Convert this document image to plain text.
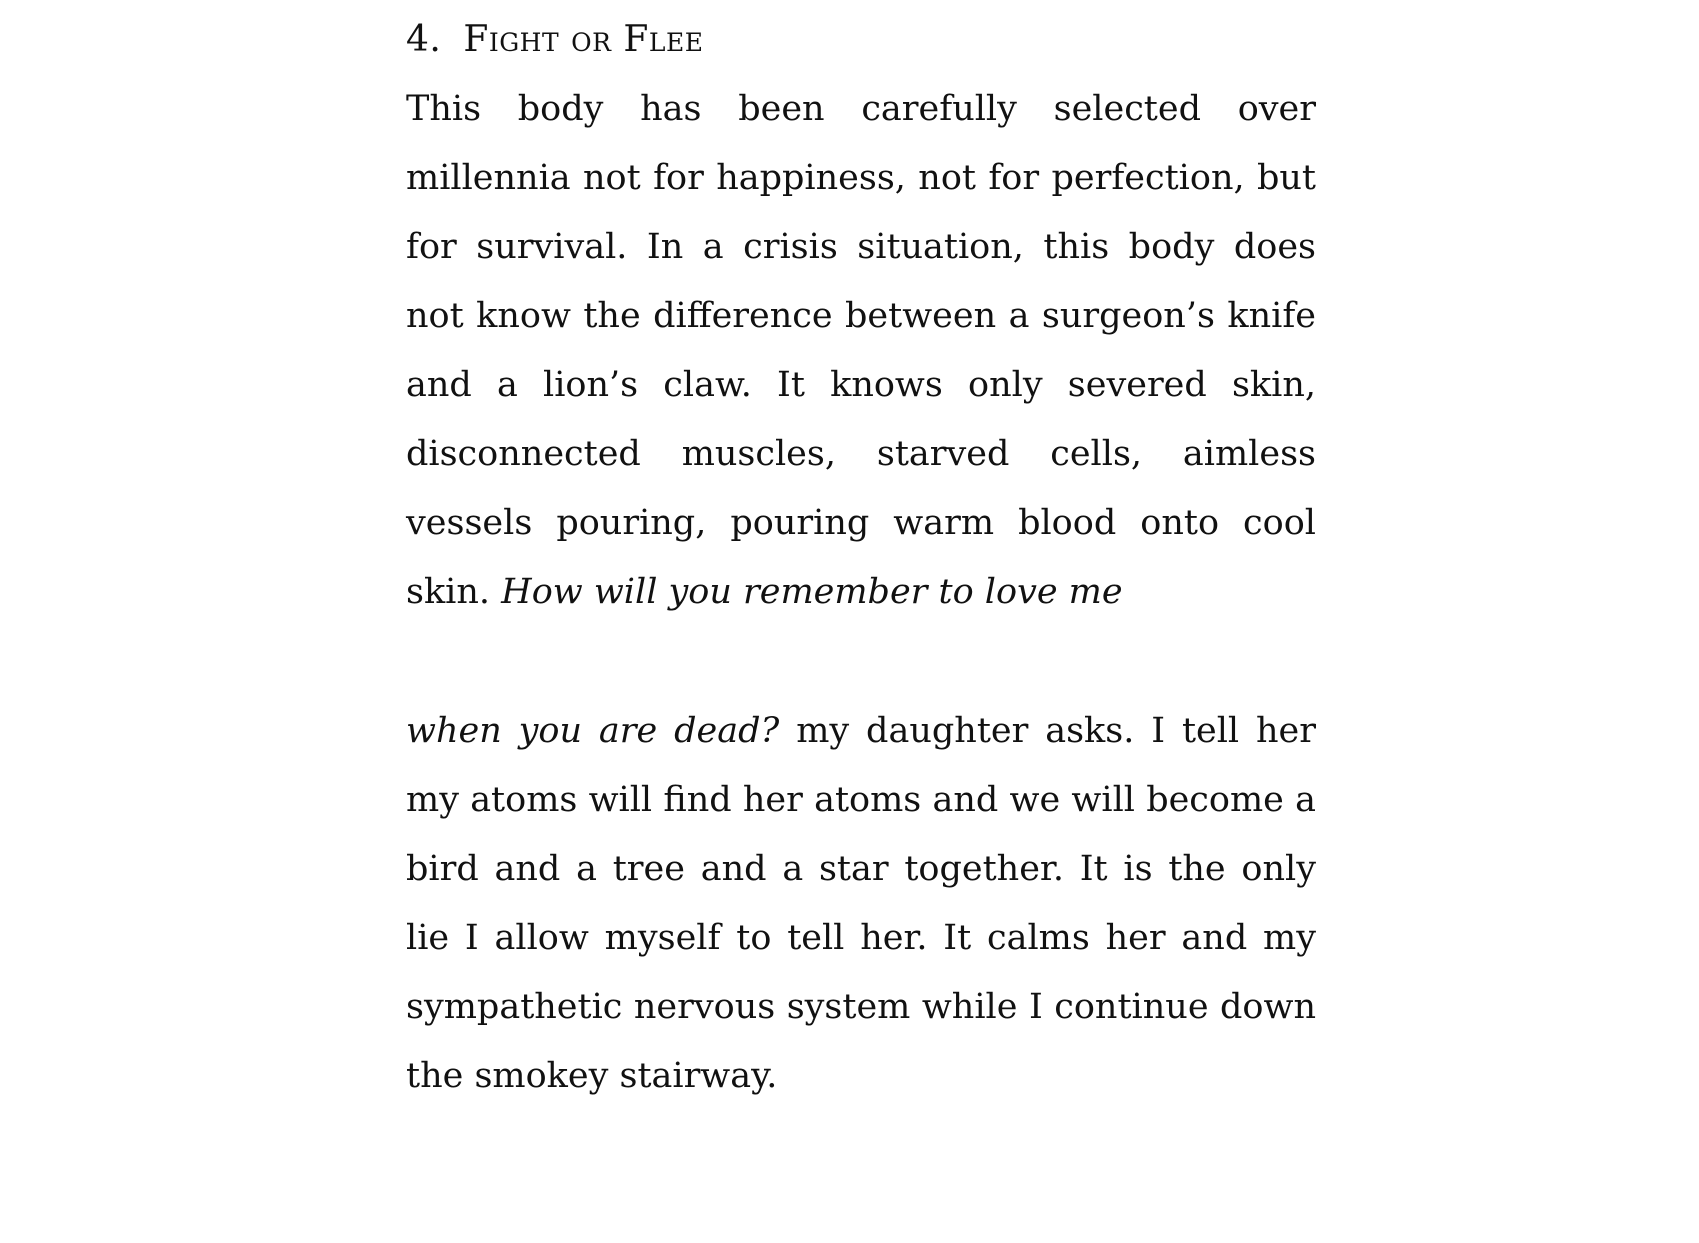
4. Fight or Flee

This body has been carefully selected over millennia not for happiness, not for perfection, but for survival. In a crisis situation, this body does not know the difference between a surgeon’s knife and a lion’s claw. It knows only severed skin, disconnected muscles, starved cells, aimless vessels pouring, pouring warm blood onto cool skin. How will you remember to love me

when you are dead? my daughter asks. I tell her my atoms will find her atoms and we will become a bird and a tree and a star together. It is the only lie I allow myself to tell her. It calms her and my sympathetic nervous system while I continue down the smokey stairway.
